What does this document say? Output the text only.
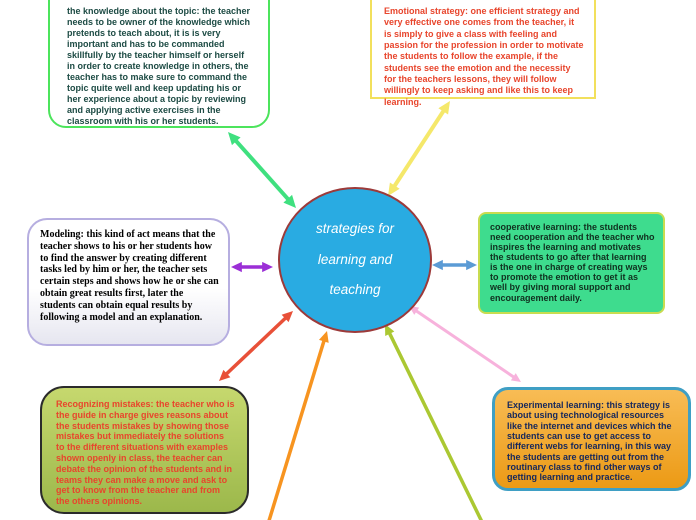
the knowledge about the topic: the teacher needs to be owner of the knowledge which pretends to teach about, it is is very important and has to be commanded skillfully by the teacher himself or herself in order to create knowledge in others, the teacher has to make sure to command the topic quite well and keep updating his or her experience about a topic by reviewing and applying active exercises in the classroom with his or her students.
Emotional strategy: one efficient strategy and very effective one comes from the teacher, it is simply to give a class with feeling and passion for the profession in order to motivate the students to follow the example, if the students see the emotion and the necessity for the teachers lessons, they will follow willingly to keep asking and like this to keep learning.
strategies for learning and teaching
Modeling: this kind of act means that the teacher shows to his or her students how to find the answer by creating different tasks led by him or her, the teacher sets certain steps and shows how he or she can obtain great results first, later the students can obtain equal results by following a model and an explanation.
cooperative learning: the students need cooperation and the teacher who inspires the learning and motivates the students to go after that learning is the one in charge of creating ways to promote the emotion to get it as well by giving moral support and encouragement daily.
Recognizing mistakes: the teacher who is the guide in charge gives reasons about the students mistakes by showing those mistakes but immediately the solutions to the different situations with examples shown openly in class, the teacher can debate the opinion of the students and in teams they can make a move and ask to get to know from the teacher and from the others opinions.
Experimental learning: this strategy is about using technological resources like the internet and devices which the students can use to get access to different webs for learning, in this way the students are getting out from the routinary class to find other ways of getting learning and practice.
